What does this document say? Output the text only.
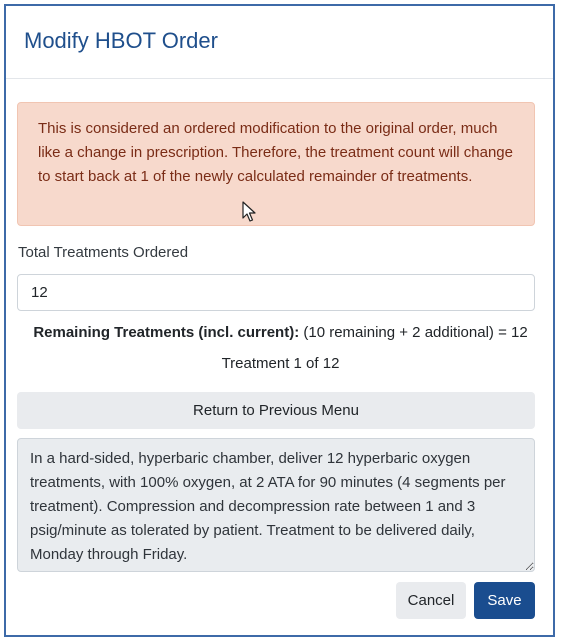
Modify HBOT Order
This is considered an ordered modification to the original order, much like a change in prescription. Therefore, the treatment count will change to start back at 1 of the newly calculated remainder of treatments.
Total Treatments Ordered
12
Remaining Treatments (incl. current): (10 remaining + 2 additional) = 12
Treatment 1 of 12
Return to Previous Menu
In a hard-sided, hyperbaric chamber, deliver 12 hyperbaric oxygen treatments, with 100% oxygen, at 2 ATA for 90 minutes (4 segments per treatment). Compression and decompression rate between 1 and 3 psig/minute as tolerated by patient. Treatment to be delivered daily, Monday through Friday.
Cancel	Save
